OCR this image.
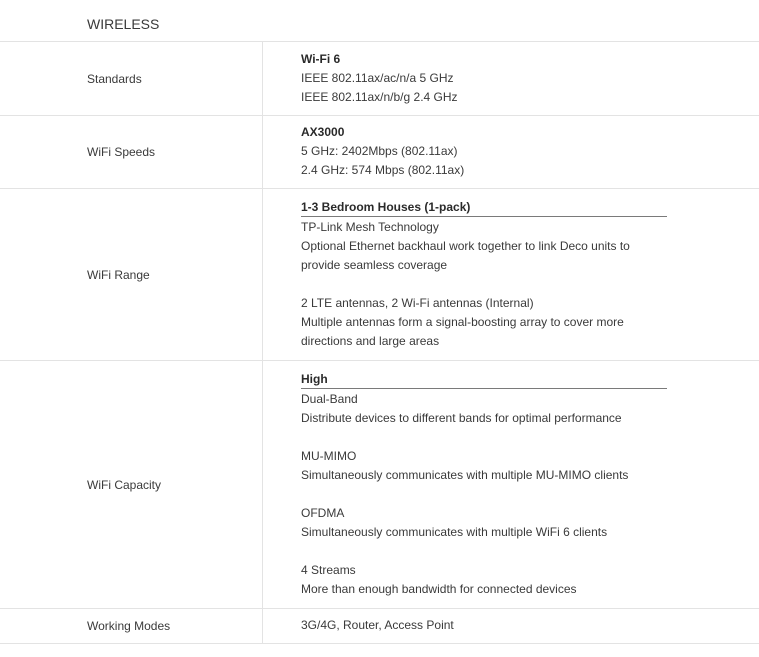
WIRELESS
Standards
Wi-Fi 6
IEEE 802.11ax/ac/n/a 5 GHz
IEEE 802.11ax/n/b/g 2.4 GHz
WiFi Speeds
AX3000
5 GHz: 2402Mbps (802.11ax)
2.4 GHz: 574 Mbps (802.11ax)
WiFi Range
1-3 Bedroom Houses (1-pack)
TP-Link Mesh Technology
Optional Ethernet backhaul work together to link Deco units to provide seamless coverage
2 LTE antennas, 2 Wi-Fi antennas (Internal)
Multiple antennas form a signal-boosting array to cover more directions and large areas
WiFi Capacity
High
Dual-Band
Distribute devices to different bands for optimal performance
MU-MIMO
Simultaneously communicates with multiple MU-MIMO clients
OFDMA
Simultaneously communicates with multiple WiFi 6 clients
4 Streams
More than enough bandwidth for connected devices
Working Modes	3G/4G, Router, Access Point
